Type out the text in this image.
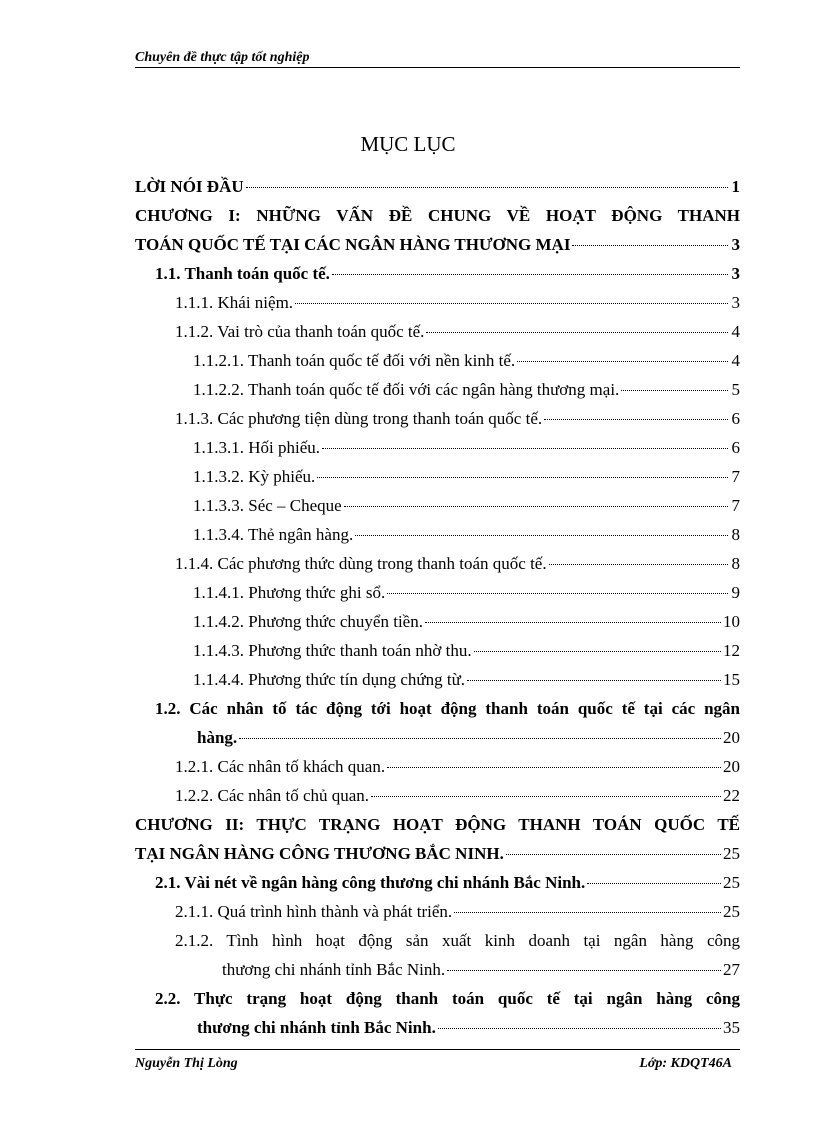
Chuyên đề thực tập tốt nghiệp
MỤC LỤC
LỜI NÓI ĐẦU	1
CHƯƠNG I: NHỮNG VẤN ĐỀ CHUNG VỀ HOẠT ĐỘNG THANH
TOÁN QUỐC TẾ TẠI CÁC NGÂN HÀNG THƯƠNG MẠI	3
1.1. Thanh toán quốc tế.	3
1.1.1. Khái niệm.	3
1.1.2. Vai trò của thanh toán quốc tế.	4
1.1.2.1. Thanh toán quốc tế đối với nền kinh tế.	4
1.1.2.2. Thanh toán quốc tế đối với các ngân hàng thương mại.	5
1.1.3. Các phương tiện dùng trong thanh toán quốc tế.	6
1.1.3.1. Hối phiếu.	6
1.1.3.2. Kỳ phiếu.	7
1.1.3.3. Séc – Cheque	7
1.1.3.4. Thẻ ngân hàng.	8
1.1.4. Các phương thức dùng trong thanh toán quốc tế.	8
1.1.4.1. Phương thức ghi sổ.	9
1.1.4.2. Phương thức chuyển tiền.	10
1.1.4.3. Phương thức thanh toán nhờ thu.	12
1.1.4.4. Phương thức tín dụng chứng từ.	15
1.2. Các nhân tố tác động tới hoạt động thanh toán quốc tế tại các ngân
hàng.	20
1.2.1. Các nhân tố khách quan.	20
1.2.2. Các nhân tố chủ quan.	22
CHƯƠNG II: THỰC TRẠNG HOẠT ĐỘNG THANH TOÁN QUỐC TẾ
TẠI NGÂN HÀNG CÔNG THƯƠNG BẮC NINH.	25
2.1. Vài nét về ngân hàng công thương chi nhánh Bắc Ninh.	25
2.1.1. Quá trình hình thành và phát triển.	25
2.1.2. Tình hình hoạt động sản xuất kinh doanh tại ngân hàng công
thương chi nhánh tỉnh Bắc Ninh.	27
2.2. Thực trạng hoạt động thanh toán quốc tế tại ngân hàng công
thương chi nhánh tỉnh Bắc Ninh.	35
Nguyễn Thị Lòng	Lớp: KDQT46A
